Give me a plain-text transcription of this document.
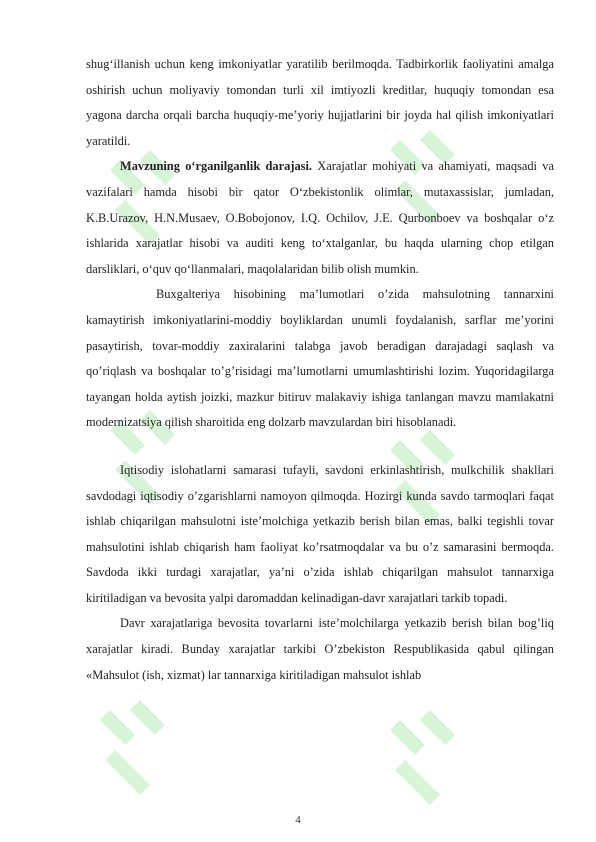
shug‘illanish uchun keng imkoniyatlar yaratilib berilmoqda. Tadbirkorlik faoliyatini amalga oshirish uchun moliyaviy tomondan turli xil imtiyozli kreditlar, huquqiy tomondan esa yagona darcha orqali barcha huquqiy-me’yoriy hujjatlarini bir joyda hal qilish imkoniyatlari yaratildi.

Mavzuning o‘rganilganlik darajasi. Xarajatlar mohiyati va ahamiyati, maqsadi va vazifalari hamda hisobi bir qator O‘zbekistonlik olimlar, mutaxassislar, jumladan, K.B.Urazov, H.N.Musaev, O.Bobojonov, I.Q. Ochilov, J.E. Qurbonboev va boshqalar o‘z ishlarida xarajatlar hisobi va auditi keng to‘xtalganlar, bu haqda ularning chop etilgan darsliklari, o‘quv qo‘llanmalari, maqolalaridan bilib olish mumkin.

Buxgalteriya hisobining ma’lumotlari o’zida mahsulotning tannarxini kamaytirish imkoniyatlarini-moddiy boyliklardan unumli foydalanish, sarflar me’yorini pasaytirish, tovar-moddiy zaxiralarini talabga javob beradigan darajadagi saqlash va qo’riqlash va boshqalar to’g’risidagi ma’lumotlarni umumlashtirishi lozim. Yuqoridagilarga tayangan holda aytish joizki, mazkur bitiruv malakaviy ishiga tanlangan mavzu mamlakatni modernizatsiya qilish sharoitida eng dolzarb mavzulardan biri hisoblanadi.

Iqtisodiy islohatlarni samarasi tufayli, savdoni erkinlashtirish, mulkchilik shakllari savdodagi iqtisodiy o’zgarishlarni namoyon qilmoqda. Hozirgi kunda savdo tarmoqlari faqat ishlab chiqarilgan mahsulotni iste’molchiga yetkazib berish bilan emas, balki tegishli tovar mahsulotini ishlab chiqarish ham faoliyat ko’rsatmoqdalar va bu o’z samarasini bermoqda. Savdoda ikki turdagi xarajatlar, ya’ni o’zida ishlab chiqarilgan mahsulot tannarxiga kiritiladigan va bevosita yalpi daromaddan kelinadigan-davr xarajatlari tarkib topadi.

Davr xarajatlariga bevosita tovarlarni iste’molchilarga yetkazib berish bilan bog’liq xarajatlar kiradi. Bunday xarajatlar tarkibi O’zbekiston Respublikasida qabul qilingan «Mahsulot (ish, xizmat) lar tannarxiga kiritiladigan mahsulot ishlab

4
